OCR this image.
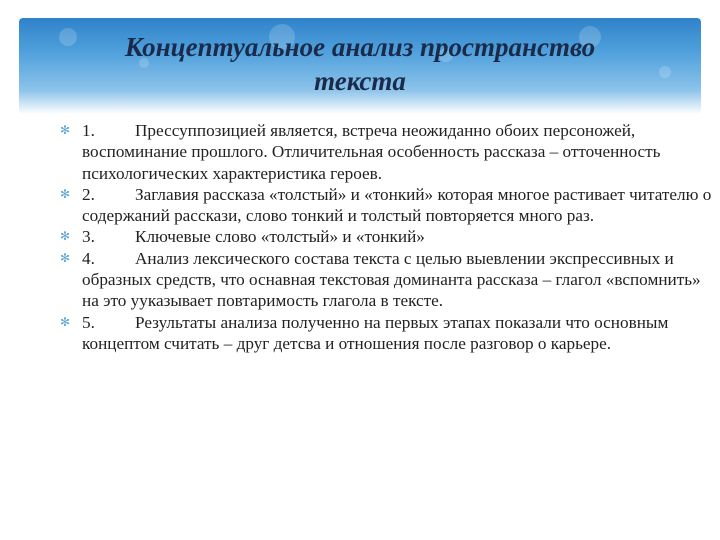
Концептуальное анализ пространство
текста
✻ 1. Прессуппозицией является, встреча неожиданно обоих персоножей, воспоминание прошлого. Отличительная особенность рассказа – отточенность психологических характеристика героев.
✻ 2. Заглавия рассказа «толстый» и «тонкий» которая многое растивает читателю о содержаний расскази, слово тонкий и толстый повторяется много раз.
✻ 3. Ключевые слово «толстый» и «тонкий»
✻ 4. Анализ лексического состава текста с целью выевлении экспрессивных и образных средств, что оснавная текстовая доминанта рассказа – глагол «вспомнить» на это ууказывает повтаримость глагола в тексте.
✻ 5. Результаты анализа полученно на первых этапах показали что основным концептом считать – друг детсва и отношения после разговор о карьере.
